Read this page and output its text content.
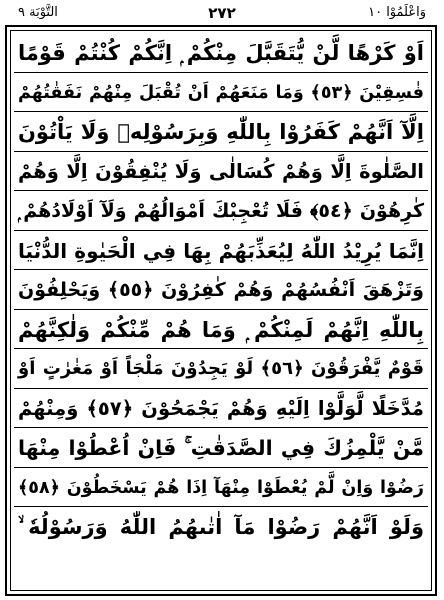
وَاعْلَمُوْا ١٠
٢٧٢
التَّوْبَة ٩
اَوْ كَرْهًا لَّنْ يُّتَقَبَّلَ مِنْكُمْ ۭ اِنَّكُمْ كُنْتُمْ قَوْمًا
فٰسِقِيْنَ ﴿٥٣﴾ وَمَا مَنَعَهُمْ اَنْ تُقْبَلَ مِنْهُمْ نَفَقٰتُهُمْ
اِلَّآ اَنَّهُمْ كَفَرُوْا بِاللّٰهِ وَبِرَسُوْلِهٖ وَلَا يَاْتُوْنَ
الصَّلٰوةَ اِلَّا وَهُمْ كُسَالٰى وَلَا يُنْفِقُوْنَ اِلَّا وَهُمْ
كٰرِهُوْنَ ﴿٥٤﴾ فَلَا تُعْجِبْكَ اَمْوَالُهُمْ وَلَآ اَوْلَادُهُمْ ۭ
اِنَّمَا يُرِيْدُ اللّٰهُ لِيُعَذِّبَهُمْ بِهَا فِي الْحَيٰوةِ الدُّنْيَا
وَتَزْهَقَ اَنْفُسُهُمْ وَهُمْ كٰفِرُوْنَ ﴿٥٥﴾ وَيَحْلِفُوْنَ
بِاللّٰهِ اِنَّهُمْ لَمِنْكُمْ ۭ وَمَا هُمْ مِّنْكُمْ وَلٰكِنَّهُمْ
قَوْمٌ يَّفْرَقُوْنَ ﴿٥٦﴾ لَوْ يَجِدُوْنَ مَلْجَاً اَوْ مَغٰرٰتٍ اَوْ
مُدَّخَلًا لَّوَلَّوْا اِلَيْهِ وَهُمْ يَجْمَحُوْنَ ﴿٥٧﴾ وَمِنْهُمْ
مَّنْ يَّلْمِزُكَ فِي الصَّدَقٰتِ ۚ فَاِنْ اُعْطُوْا مِنْهَا
رَضُوْا وَاِنْ لَّمْ يُعْطَوْا مِنْهَآ اِذَا هُمْ يَسْخَطُوْنَ ﴿٥٨﴾
وَلَوْ اَنَّهُمْ رَضُوْا مَآ اٰتٰىهُمُ اللّٰهُ وَرَسُوْلُهٗ ۙ
